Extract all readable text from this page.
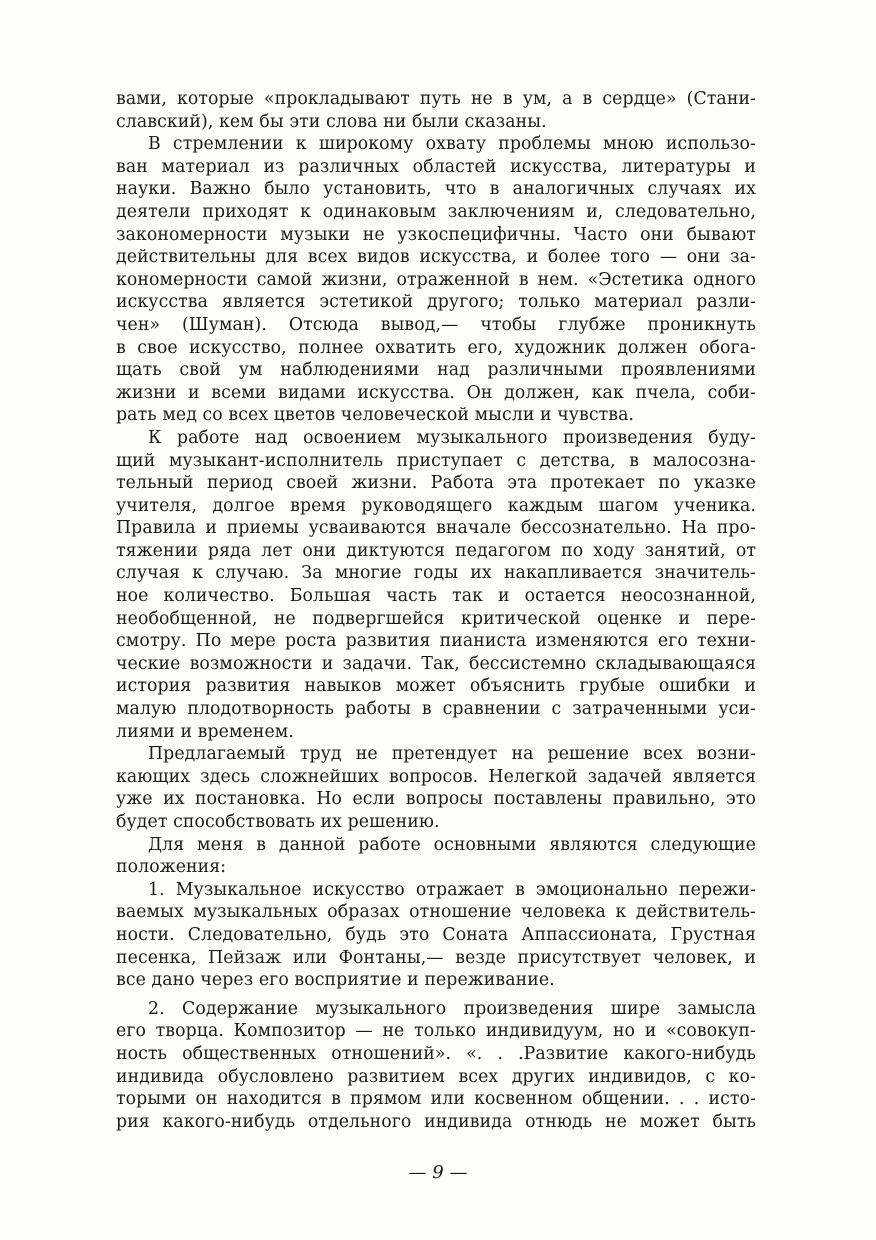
вами, которые «прокладывают путь не в ум, а в сердце» (Стани-
славский), кем бы эти слова ни были сказаны.
В стремлении к широкому охвату проблемы мною использо-
ван материал из различных областей искусства, литературы и
науки. Важно было установить, что в аналогичных случаях их
деятели приходят к одинаковым заключениям и, следовательно,
закономерности музыки не узкоспецифичны. Часто они бывают
действительны для всех видов искусства, и более того — они за-
кономерности самой жизни, отраженной в нем. «Эстетика одного
искусства является эстетикой другого; только материал разли-
чен» (Шуман). Отсюда вывод,— чтобы глубже проникнуть
в свое искусство, полнее охватить его, художник должен обога-
щать свой ум наблюдениями над различными проявлениями
жизни и всеми видами искусства. Он должен, как пчела, соби-
рать мед со всех цветов человеческой мысли и чувства.
К работе над освоением музыкального произведения буду-
щий музыкант-исполнитель приступает с детства, в малосозна-
тельный период своей жизни. Работа эта протекает по указке
учителя, долгое время руководящего каждым шагом ученика.
Правила и приемы усваиваются вначале бессознательно. На про-
тяжении ряда лет они диктуются педагогом по ходу занятий, от
случая к случаю. За многие годы их накапливается значитель-
ное количество. Большая часть так и остается неосознанной,
необобщенной, не подвергшейся критической оценке и пере-
смотру. По мере роста развития пианиста изменяются его техни-
ческие возможности и задачи. Так, бессистемно складывающаяся
история развития навыков может объяснить грубые ошибки и
малую плодотворность работы в сравнении с затраченными уси-
лиями и временем.
Предлагаемый труд не претендует на решение всех возни-
кающих здесь сложнейших вопросов. Нелегкой задачей является
уже их постановка. Но если вопросы поставлены правильно, это
будет способствовать их решению.
Для меня в данной работе основными являются следующие
положения:
1. Музыкальное искусство отражает в эмоционально пережи-
ваемых музыкальных образах отношение человека к действитель-
ности. Следовательно, будь это Соната Аппассионата, Грустная
песенка, Пейзаж или Фонтаны,— везде присутствует человек, и
все дано через его восприятие и переживание.
2. Содержание музыкального произведения шире замысла
его творца. Композитор — не только индивидуум, но и «совокуп-
ность общественных отношений». «. . .Развитие какого-нибудь
индивида обусловлено развитием всех других индивидов, с ко-
торыми он находится в прямом или косвенном общении. . . исто-
рия какого-нибудь отдельного индивида отнюдь не может быть
— 9 —
